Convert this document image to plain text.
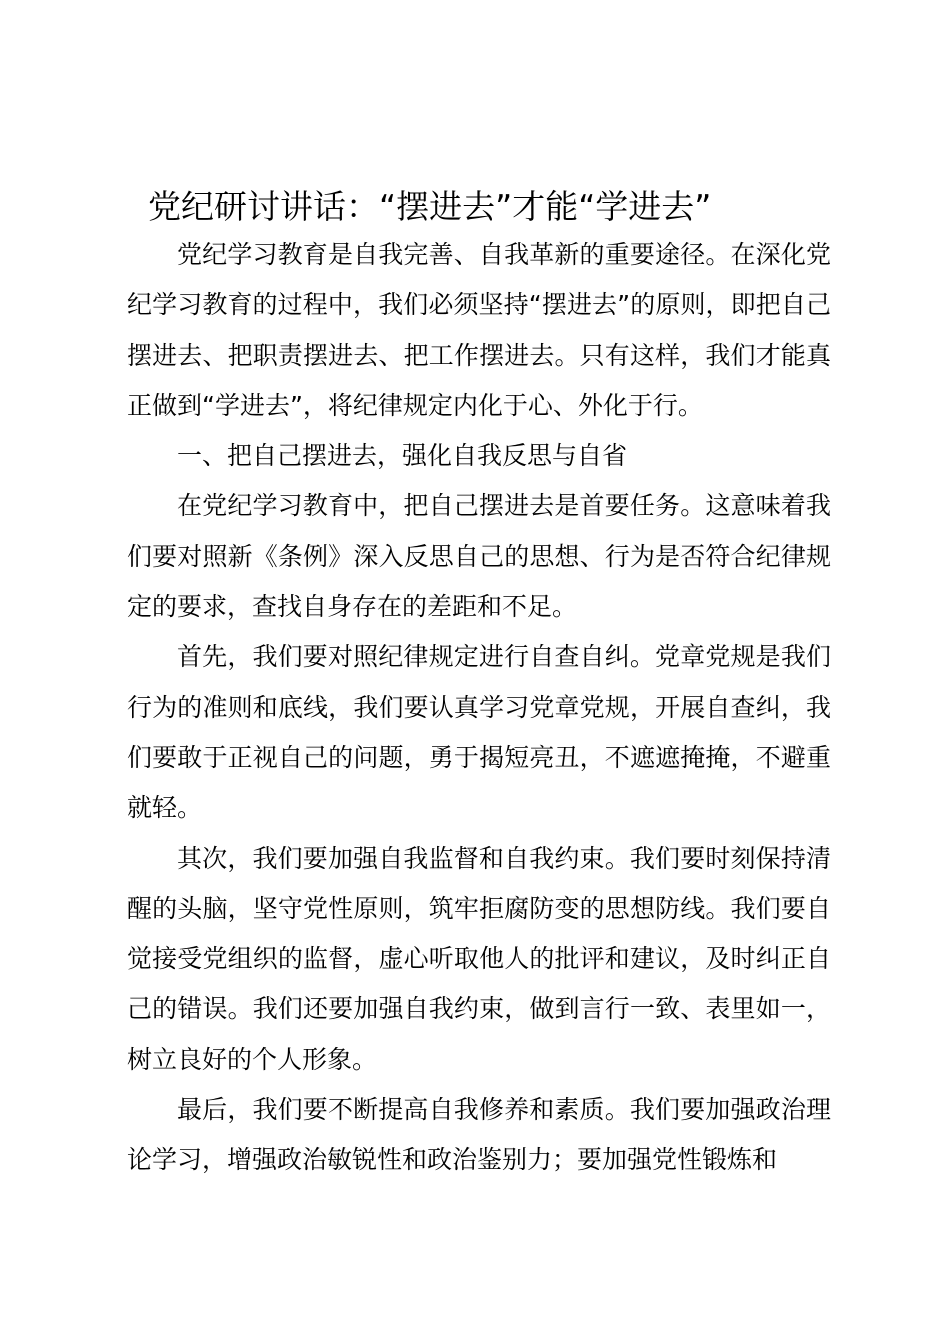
党纪研讨讲话：“摆进去”才能“学进去”

党纪学习教育是自我完善、自我革新的重要途径。在深化党纪学习教育的过程中，我们必须坚持“摆进去”的原则，即把自己摆进去、把职责摆进去、把工作摆进去。只有这样，我们才能真正做到“学进去”，将纪律规定内化于心、外化于行。

一、把自己摆进去，强化自我反思与自省

在党纪学习教育中，把自己摆进去是首要任务。这意味着我们要对照新《条例》深入反思自己的思想、行为是否符合纪律规定的要求，查找自身存在的差距和不足。

首先，我们要对照纪律规定进行自查自纠。党章党规是我们行为的准则和底线，我们要认真学习党章党规，开展自查纠，我们要敢于正视自己的问题，勇于揭短亮丑，不遮遮掩掩，不避重就轻。

其次，我们要加强自我监督和自我约束。我们要时刻保持清醒的头脑，坚守党性原则，筑牢拒腐防变的思想防线。我们要自觉接受党组织的监督，虚心听取他人的批评和建议，及时纠正自己的错误。我们还要加强自我约束，做到言行一致、表里如一，树立良好的个人形象。

最后，我们要不断提高自我修养和素质。我们要加强政治理论学习，增强政治敏锐性和政治鉴别力；要加强党性锻炼和
